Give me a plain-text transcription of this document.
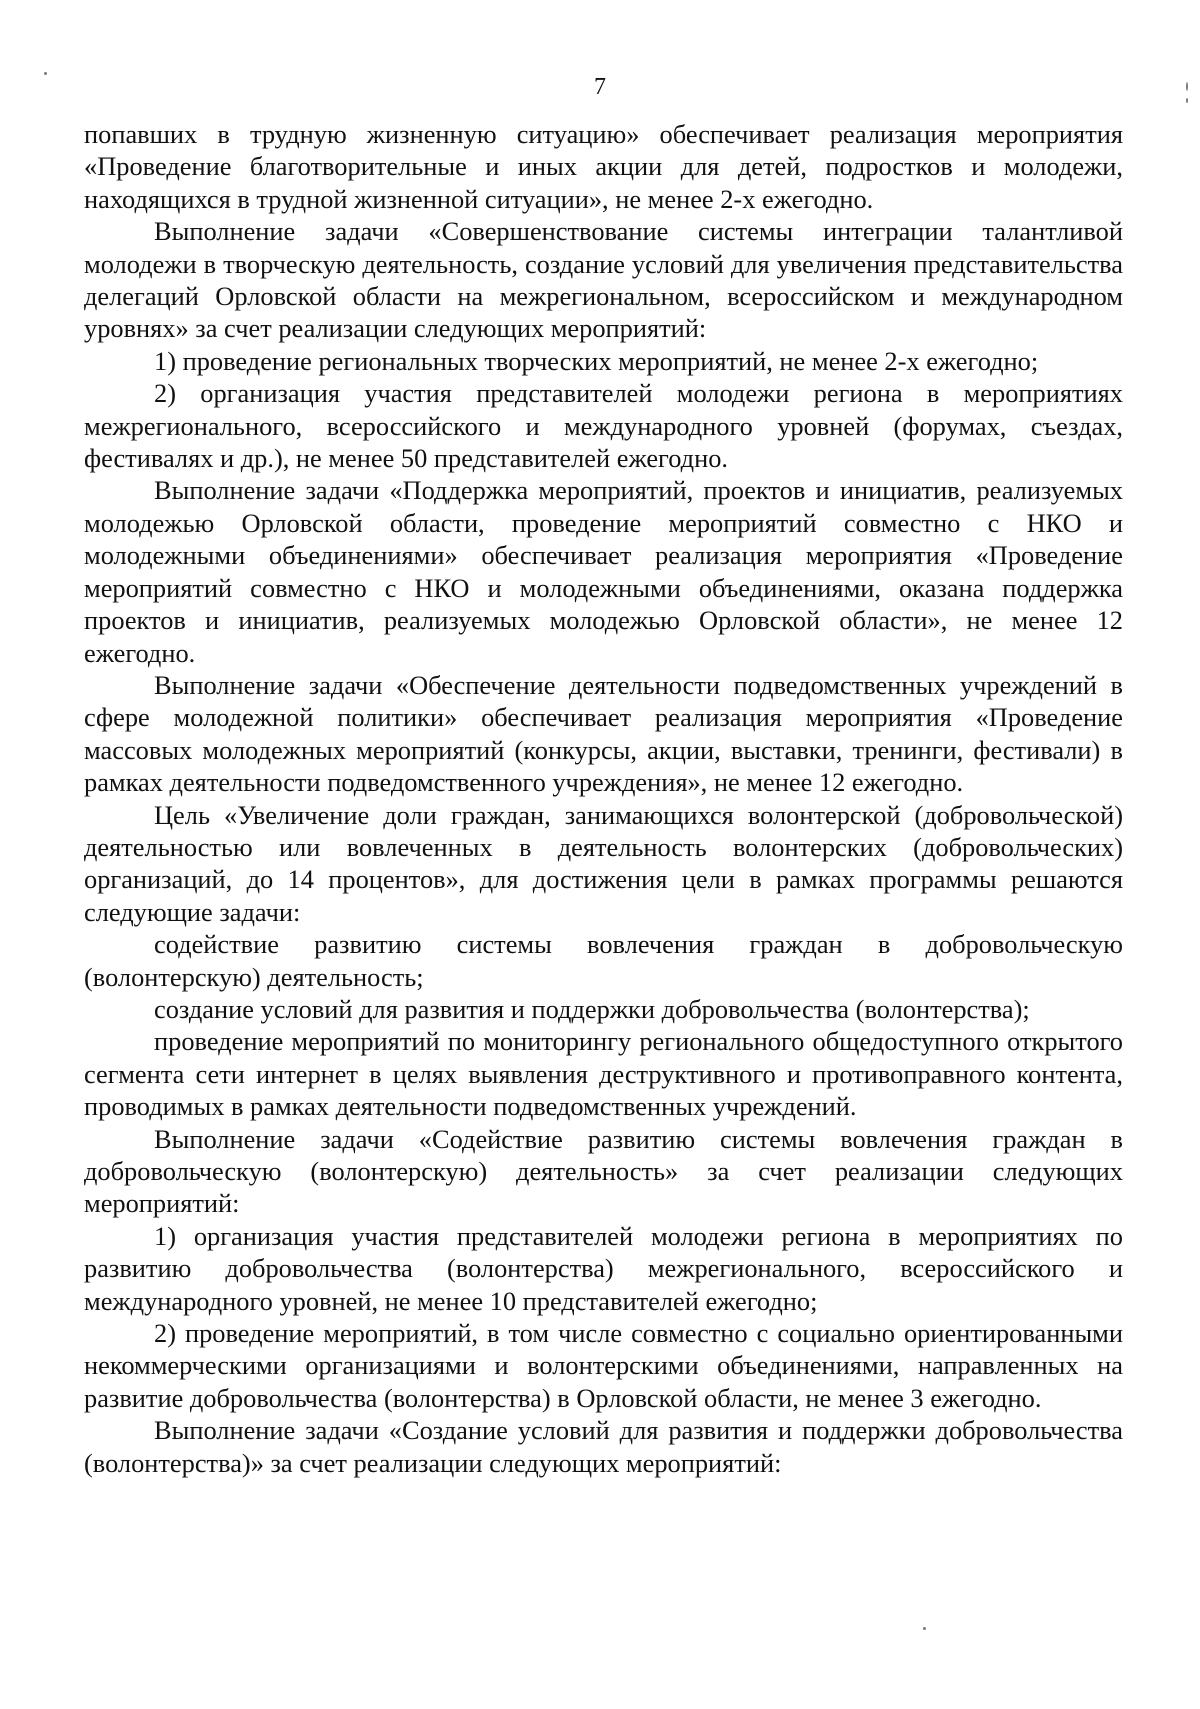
7

попавших в трудную жизненную ситуацию» обеспечивает реализация мероприятия «Проведение благотворительные и иных акции для детей, подростков и молодежи, находящихся в трудной жизненной ситуации», не менее 2-х ежегодно.

Выполнение задачи «Совершенствование системы интеграции талантливой молодежи в творческую деятельность, создание условий для увеличения представительства делегаций Орловской области на межрегиональном, всероссийском и международном уровнях» за счет реализации следующих мероприятий:

1) проведение региональных творческих мероприятий, не менее 2-х ежегодно;

2) организация участия представителей молодежи региона в мероприятиях межрегионального, всероссийского и международного уровней (форумах, съездах, фестивалях и др.), не менее 50 представителей ежегодно.

Выполнение задачи «Поддержка мероприятий, проектов и инициатив, реализуемых молодежью Орловской области, проведение мероприятий совместно с НКО и молодежными объединениями» обеспечивает реализация мероприятия «Проведение мероприятий совместно с НКО и молодежными объединениями, оказана поддержка проектов и инициатив, реализуемых молодежью Орловской области», не менее 12 ежегодно.

Выполнение задачи «Обеспечение деятельности подведомственных учреждений в сфере молодежной политики» обеспечивает реализация мероприятия «Проведение массовых молодежных мероприятий (конкурсы, акции, выставки, тренинги, фестивали) в рамках деятельности подведомственного учреждения», не менее 12 ежегодно.

Цель «Увеличение доли граждан, занимающихся волонтерской (добровольческой) деятельностью или вовлеченных в деятельность волонтерских (добровольческих) организаций, до 14 процентов», для достижения цели в рамках программы решаются следующие задачи:

содействие развитию системы вовлечения граждан в добровольческую (волонтерскую) деятельность;

создание условий для развития и поддержки добровольчества (волонтерства);

проведение мероприятий по мониторингу регионального общедоступного открытого сегмента сети интернет в целях выявления деструктивного и противоправного контента, проводимых в рамках деятельности подведомственных учреждений.

Выполнение задачи «Содействие развитию системы вовлечения граждан в добровольческую (волонтерскую) деятельность» за счет реализации следующих мероприятий:

1) организация участия представителей молодежи региона в мероприятиях по развитию добровольчества (волонтерства) межрегионального, всероссийского и международного уровней, не менее 10 представителей ежегодно;

2) проведение мероприятий, в том числе совместно с социально ориентированными некоммерческими организациями и волонтерскими объединениями, направленных на развитие добровольчества (волонтерства) в Орловской области, не менее 3 ежегодно.

Выполнение задачи «Создание условий для развития и поддержки добровольчества (волонтерства)» за счет реализации следующих мероприятий:
